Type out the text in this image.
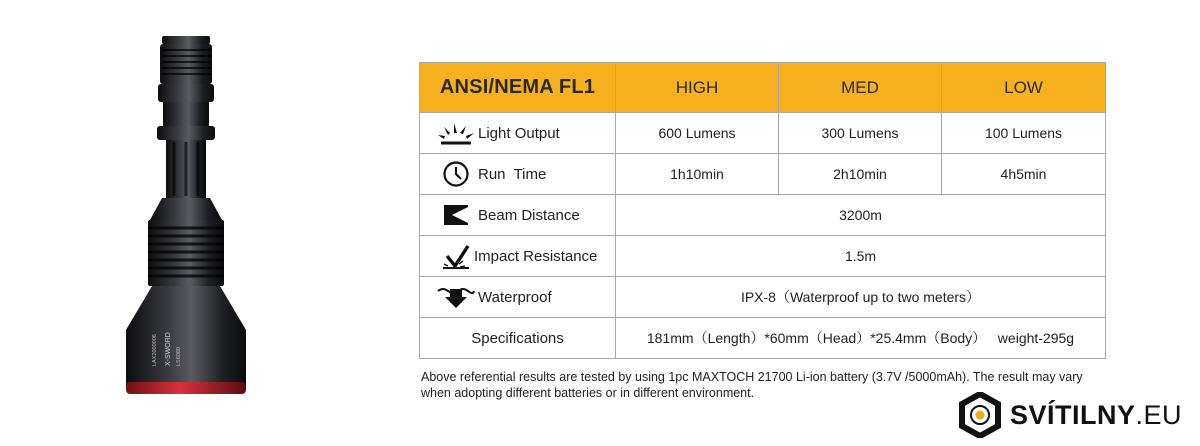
LAX2000006 X-SWORD LS6080
ANSI/NEMA FL1	HIGH	MED	LOW

Light Output	600 Lumens	300 Lumens	100 Lumens

Run  Time	1h10min	2h10min	4h5min

Beam Distance	3200m		

Impact Resistance	1.5m		

Waterproof	IPX-8（Waterproof up to two meters）		

Specifications	181mm（Length）*60mm（Head）*25.4mm（Body）   weight-295g		
Above referential results are tested by using 1pc MAXTOCH 21700 Li-ion battery (3.7V /5000mAh). The result may vary when adopting different batteries or in different environment.
SVÍTILNY.EU
